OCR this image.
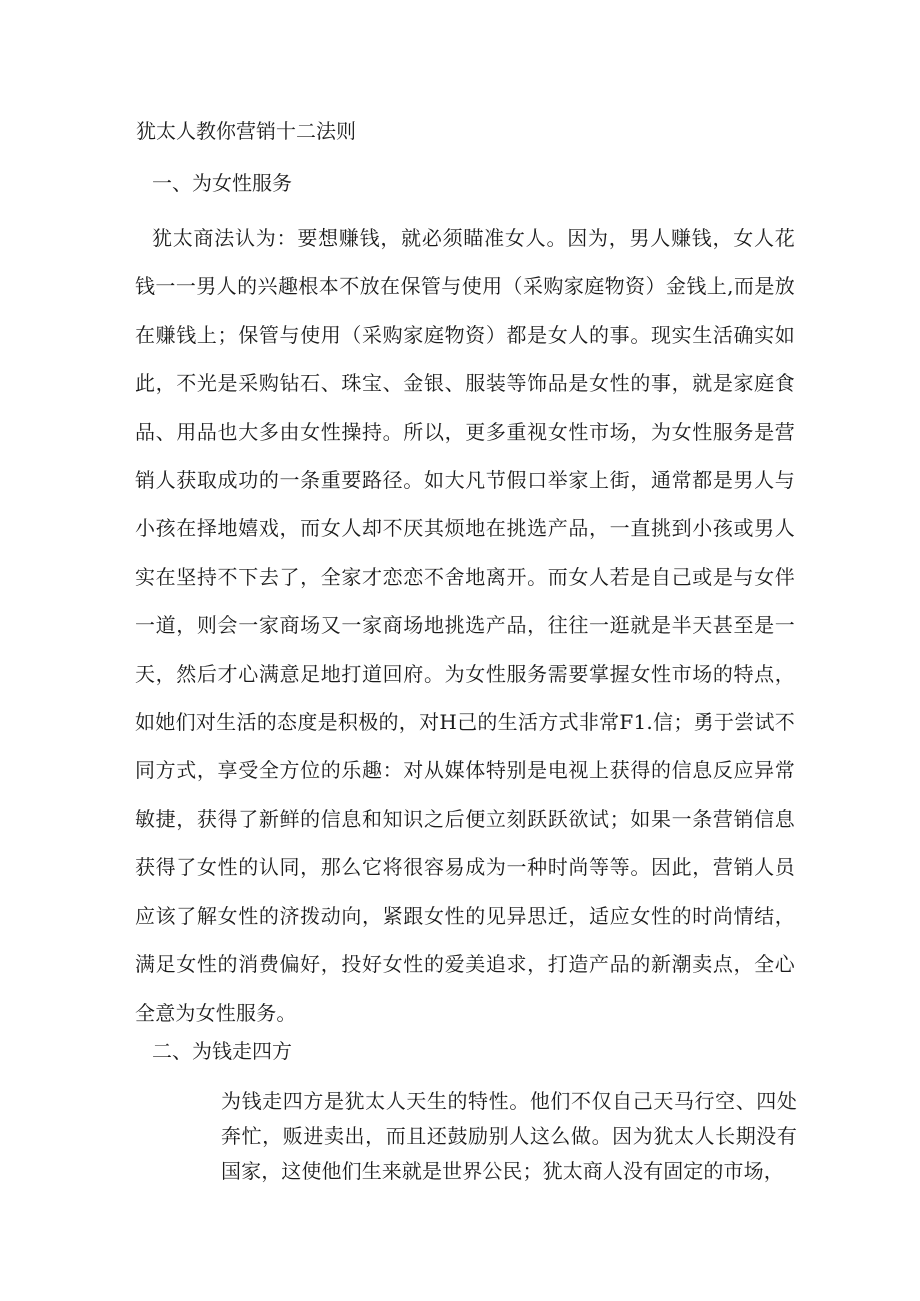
犹太人教你营销十二法则
一、为女性服务

犹太商法认为：要想赚钱，就必须瞄准女人。因为，男人赚钱，女人花钱一一男人的兴趣根本不放在保管与使用（采购家庭物资）金钱上,而是放在赚钱上；保管与使用（采购家庭物资）都是女人的事。现实生活确实如此，不光是采购钻石、珠宝、金银、服装等饰品是女性的事，就是家庭食品、用品也大多由女性操持。所以，更多重视女性市场，为女性服务是营销人获取成功的一条重要路径。如大凡节假口举家上街，通常都是男人与小孩在择地嬉戏，而女人却不厌其烦地在挑选产品，一直挑到小孩或男人实在坚持不下去了，全家才恋恋不舍地离开。而女人若是自己或是与女伴一道，则会一家商场又一家商场地挑选产品，往往一逛就是半天甚至是一天，然后才心满意足地打道回府。为女性服务需要掌握女性市场的特点，如她们对生活的态度是积极的，对H己的生活方式非常F1.信；勇于尝试不同方式，享受全方位的乐趣：对从媒体特别是电视上获得的信息反应异常敏捷，获得了新鲜的信息和知识之后便立刻跃跃欲试；如果一条营销信息获得了女性的认同，那么它将很容易成为一种时尚等等。因此，营销人员应该了解女性的济拨动向，紧跟女性的见异思迁，适应女性的时尚情结，满足女性的消费偏好，投好女性的爱美追求，打造产品的新潮卖点，全心全意为女性服务。

二、为钱走四方

为钱走四方是犹太人天生的特性。他们不仅自己天马行空、四处奔忙，贩进卖出，而且还鼓励别人这么做。因为犹太人长期没有国家，这使他们生来就是世界公民；犹太商人没有固定的市场，
